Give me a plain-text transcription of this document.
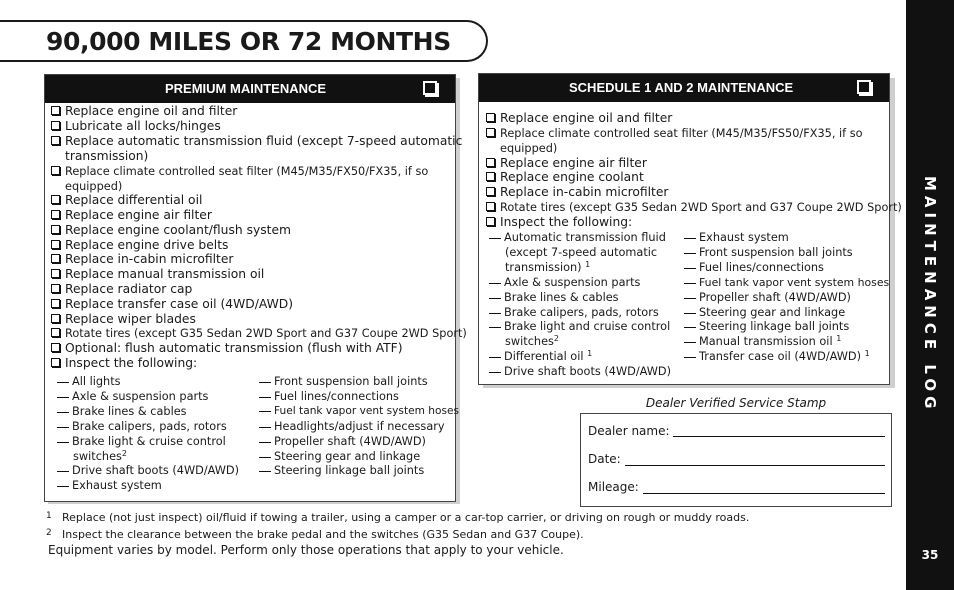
90,000 MILES OR 72 MONTHS
MAINTENANCE LOG
35
PREMIUM MAINTENANCE
Replace engine oil and filter
Lubricate all locks/hinges
Replace automatic transmission fluid (except 7-speed automatic
transmission)
Replace climate controlled seat filter (M45/M35/FX50/FX35, if so
equipped)
Replace differential oil
Replace engine air filter
Replace engine coolant/flush system
Replace engine drive belts
Replace in-cabin microfilter
Replace manual transmission oil
Replace radiator cap
Replace transfer case oil (4WD/AWD)
Replace wiper blades
Rotate tires (except G35 Sedan 2WD Sport and G37 Coupe 2WD Sport)
Optional: flush automatic transmission (flush with ATF)
Inspect the following:
All lights
Axle & suspension parts
Brake lines & cables
Brake calipers, pads, rotors
Brake light & cruise control
switches$^2$
Drive shaft boots (4WD/AWD)
Exhaust system
Front suspension ball joints
Fuel lines/connections
Fuel tank vapor vent system hoses
Headlights/adjust if necessary
Propeller shaft (4WD/AWD)
Steering gear and linkage
Steering linkage ball joints
SCHEDULE 1 AND 2 MAINTENANCE
Replace engine oil and filter
Replace climate controlled seat filter (M45/M35/FS50/FX35, if so
equipped)
Replace engine air filter
Replace engine coolant
Replace in-cabin microfilter
Rotate tires (except G35 Sedan 2WD Sport and G37 Coupe 2WD Sport)
Inspect the following:
Automatic transmission fluid
(except 7-speed automatic
transmission) $^1$
Axle & suspension parts
Brake lines & cables
Brake calipers, pads, rotors
Brake light and cruise control
switches$^2$
Differential oil $^1$
Drive shaft boots (4WD/AWD)
Exhaust system
Front suspension ball joints
Fuel lines/connections
Fuel tank vapor vent system hoses
Propeller shaft (4WD/AWD)
Steering gear and linkage
Steering linkage ball joints
Manual transmission oil $^1$
Transfer case oil (4WD/AWD) $^1$
Dealer Verified Service Stamp
Dealer name:
Date:
Mileage:
1 Replace (not just inspect) oil/fluid if towing a trailer, using a camper or a car-top carrier, or driving on rough or muddy roads.
2 Inspect the clearance between the brake pedal and the switches (G35 Sedan and G37 Coupe).
Equipment varies by model. Perform only those operations that apply to your vehicle.
